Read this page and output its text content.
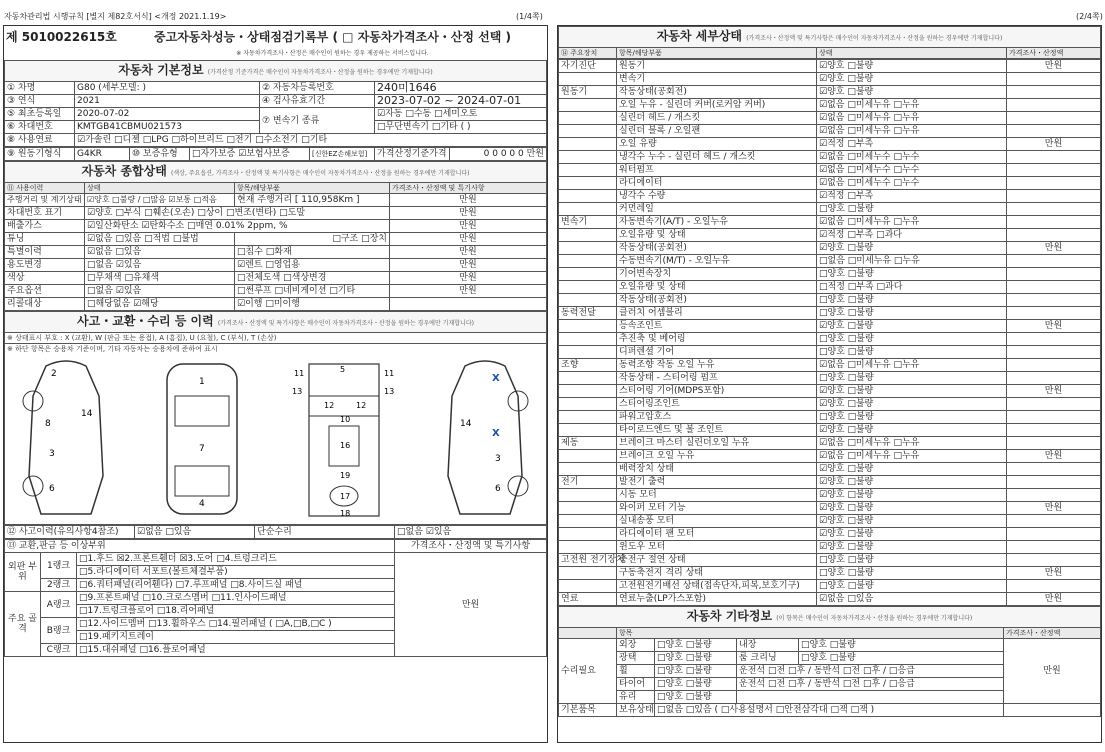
자동차관리법 시행규칙 [별지 제82호서식] <개정 2021.1.19>	(1/4쪽)	(2/4쪽)
제 5010022615호	중고자동차성능・상태점검기록부 ( □ 자동차가격조사・산정 선택 )
	※ 자동차가격조사・산정은 매수인이 원하는 경우 제공하는 서비스입니다.
자동차 기본정보 (가격산정 기준가격은 매수인이 자동차가격조사・산정을 원하는 경우에만 기재합니다)			
① 차명	G80 (세부모델: )	② 자동차등록번호	240미1646
③ 연식	2021	④ 검사유효기간	2023-07-02 ~ 2024-07-01
⑤ 최초등록일	2020-07-02	⑦ 변속기 종류	☑자동 □수동 □세미오토
⑥ 차대번호	KMTGB41CBMU021573		□무단변속기 □기타 ( )
⑧ 사용연료	☑가솔린 □디젤 □LPG □하이브리드 □전기 □수소전기 □기타		
⑨ 원동기형식	G4KR	⑩ 보증유형	□자가보증 ☑보험사보증	[신한EZ손해보험]	가격산정기준가격	0 0 0 0 0 만원
자동차 종합상태 (색상, 주요옵션, 가격조사・산정액 및 특기사항은 매수인이 자동차가격조사・산정을 원하는 경우에만 기재합니다)			
⑪ 사용이력	상태	항목/해당부품	가격조사・산정액 및 특기사항
주행거리 및 계기상태	☑양호 □불량 / □많음 ☑보통 □적음	현재 주행거리 [ 110,958Km ]	만원
차대번호 표기	☑양호 □부식 □훼손(오손) □상이 □변조(변타) □도말		만원
배출가스	☑일산화탄소 ☑탄화수소 □매연 0.01% 2ppm, %		만원
튜닝	☑없음 □있음 □적법 □불법	□구조 □장치	만원
특별이력	☑없음 □있음	□침수 □화재	만원
용도변경	□없음 ☑있음	☑렌트 □영업용	만원
색상	□무채색 □유채색	□전체도색 □색상변경	만원
주요옵션	□없음 ☑있음	□썬루프 □네비게이션 □기타	만원
리콜대상	□해당없음 ☑해당	☑이행 □미이행	
사고・교환・수리 등 이력 (가격조사・산정액 및 특기사항은 매수인이 자동차가격조사・산정을 원하는 경우에만 기재합니다)
※ 상태표시 부호 : X (교환), W (판금 또는 용접), A (흠집), U (요철), C (부식), T (손상)
※ 하단 항목은 승용차 기준이며, 기타 자동차는 승용차에 준하여 표시

2
8
14
3
6
1
7
4
5
11	11
13	13
12	12
10
16
19
17
18
X
X
14
3
6
⑫ 사고이력(유의사항4참조)	☑없음 □있음	단순수리	□없음 ☑있음
⑬ 교환,판금 등 이상부위			가격조사・산정액 및 특기사항
외판 부위	1랭크	□1.후드 ☒2.프론트휀더 ☒3.도어 □4.트렁크리드	만원
		□5.라디에이터 서포트(볼트체결부품)	
	2랭크	□6.쿼터패널(리어휀다) □7.루프패널 □8.사이드실 패널	
주요 골격	A랭크	□9.프론트패널 □10.크로스멤버 □11.인사이드패널	
		□17.트렁크플로어 □18.리어패널	
	B랭크	□12.사이드멤버 □13.휠하우스 □14.필러패널 ( □A,□B,□C )	
		□19.패키지트레이	
	C랭크	□15.대쉬패널 □16.플로어패널	
자동차 세부상태 (가격조사・산정액 및 특기사항은 매수인이 자동차가격조사・산정을 원하는 경우에만 기재합니다)
⑭ 주요장치	항목/해당부품	상태	가격조사・산정액
자기진단	원동기	☑양호 □불량	만원
	변속기	☑양호 □불량	
원동기	작동상태(공회전)	☑양호 □불량	
	오일 누유 - 실린더 커버(로커암 커버)	☑없음 □미세누유 □누유	
	실린더 헤드 / 개스킷	☑없음 □미세누유 □누유	
	실린더 블록 / 오일팬	☑없음 □미세누유 □누유	
	오일 유량	☑적정 □부족	만원
	냉각수 누수 - 실린더 헤드 / 개스킷	☑없음 □미세누수 □누수	
	워터펌프	☑없음 □미세누수 □누수	
	라디에이터	☑없음 □미세누수 □누수	
	냉각수 수량	☑적정 □부족	
	커먼레일	□양호 □불량	
변속기	자동변속기(A/T) - 오일누유	☑없음 □미세누유 □누유	
	오일유량 및 상태	☑적정 □부족 □과다	
	작동상태(공회전)	☑양호 □불량	만원
	수동변속기(M/T) - 오일누유	□없음 □미세누유 □누유	
	기어변속장치	□양호 □불량	
	오일유량 및 상태	□적정 □부족 □과다	
	작동상태(공회전)	□양호 □불량	
동력전달	클러치 어셈블리	□양호 □불량	
	등속조인트	☑양호 □불량	만원
	추진축 및 베어링	□양호 □불량	
	디퍼렌셜 기어	□양호 □불량	
조향	동력조향 작동 오일 누유	☑없음 □미세누유 □누유	
	작동상태 - 스티어링 펌프	□양호 □불량	
	스티어링 기어(MDPS포함)	☑양호 □불량	만원
	스티어링조인트	☑양호 □불량	
	파워고압호스	□양호 □불량	
	타이로드엔드 및 볼 조인트	☑양호 □불량	
제동	브레이크 마스터 실린더오일 누유	☑없음 □미세누유 □누유	
	브레이크 오일 누유	☑없음 □미세누유 □누유	만원
	배력장치 상태	☑양호 □불량	
전기	발전기 출력	☑양호 □불량	
	시동 모터	☑양호 □불량	
	와이퍼 모터 기능	☑양호 □불량	만원
	실내송풍 모터	☑양호 □불량	
	라디에이터 팬 모터	☑양호 □불량	
	윈도우 모터	☑양호 □불량	
고전원 전기장치	충전구 절연 상태	□양호 □불량	
	구동축전지 격리 상태	□양호 □불량	만원
	고전원전기배선 상태(접속단자,피복,보호기구)	□양호 □불량	
연료	연료누출(LP가스포함)	☑없음 □있음	만원
자동차 기타정보 (이 항목은 매수인이 자동차가격조사・산정을 원하는 경우에만 기재합니다)					
	항목				가격조사・산정액
수리필요	외장	□양호 □불량	내장	□양호 □불량	만원
	광택	□양호 □불량	룸 크리닝	□양호 □불량	
	휠	□양호 □불량	운전석 □전 □후 / 동반석 □전 □후 / □응급		
	타이어	□양호 □불량	운전석 □전 □후 / 동반석 □전 □후 / □응급		
	유리	□양호 □불량			
기본품목	보유상태	□없음 □있음 ( □사용설명서 □안전삼각대 □잭 □잭 )			
